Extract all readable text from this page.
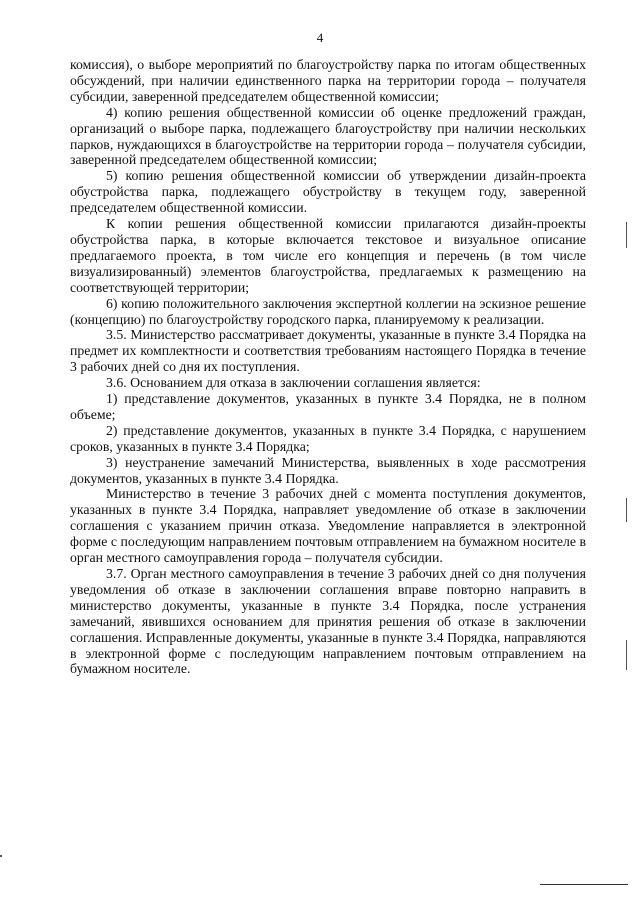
4

комиссия), о выборе мероприятий по благоустройству парка по итогам общественных обсуждений, при наличии единственного парка на территории города – получателя субсидии, заверенной председателем общественной комиссии;

4) копию решения общественной комиссии об оценке предложений граждан, организаций о выборе парка, подлежащего благоустройству при наличии нескольких парков, нуждающихся в благоустройстве на территории города – получателя субсидии, заверенной председателем общественной комиссии;

5) копию решения общественной комиссии об утверждении дизайн-проекта обустройства парка, подлежащего обустройству в текущем году, заверенной председателем общественной комиссии.

К копии решения общественной комиссии прилагаются дизайн-проекты обустройства парка, в которые включается текстовое и визуальное описание предлагаемого проекта, в том числе его концепция и перечень (в том числе визуализированный) элементов благоустройства, предлагаемых к размещению на соответствующей территории;

6) копию положительного заключения экспертной коллегии на эскизное решение (концепцию) по благоустройству городского парка, планируемому к реализации.

3.5. Министерство рассматривает документы, указанные в пункте 3.4 Порядка на предмет их комплектности и соответствия требованиям настоящего Порядка в течение 3 рабочих дней со дня их поступления.

3.6. Основанием для отказа в заключении соглашения является:

1) представление документов, указанных в пункте 3.4 Порядка, не в полном объеме;

2) представление документов, указанных в пункте 3.4 Порядка, с нарушением сроков, указанных в пункте 3.4 Порядка;

3) неустранение замечаний Министерства, выявленных в ходе рассмотрения документов, указанных в пункте 3.4 Порядка.

Министерство в течение 3 рабочих дней с момента поступления документов, указанных в пункте 3.4 Порядка, направляет уведомление об отказе в заключении соглашения с указанием причин отказа. Уведомление направляется в электронной форме с последующим направлением почтовым отправлением на бумажном носителе в орган местного самоуправления города – получателя субсидии.

3.7. Орган местного самоуправления в течение 3 рабочих дней со дня получения уведомления об отказе в заключении соглашения вправе повторно направить в министерство документы, указанные в пункте 3.4 Порядка, после устранения замечаний, явившихся основанием для принятия решения об отказе в заключении соглашения. Исправленные документы, указанные в пункте 3.4 Порядка, направляются в электронной форме с последующим направлением почтовым отправлением на бумажном носителе.
